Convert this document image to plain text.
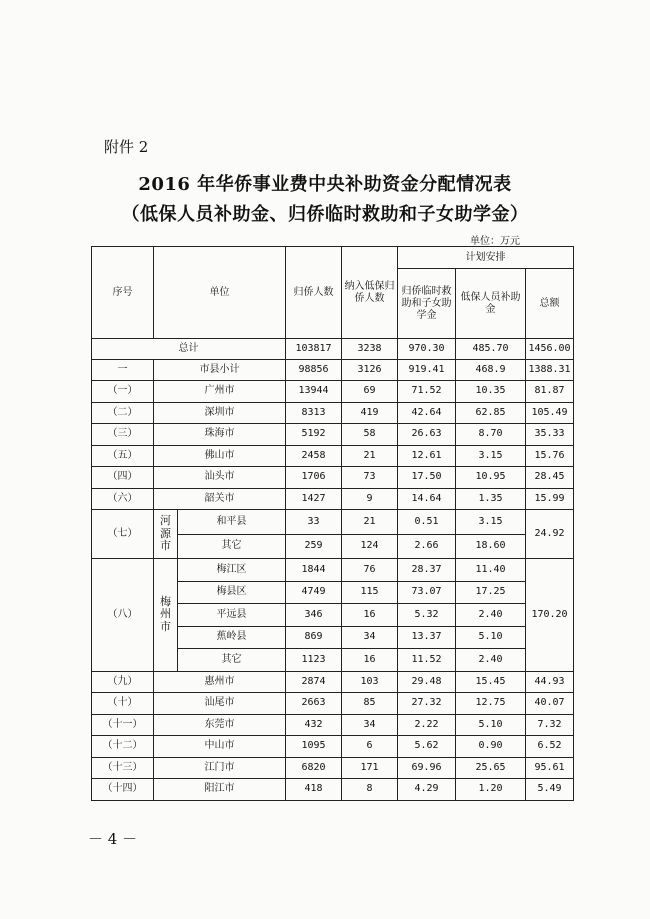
附件 2
2016 年华侨事业费中央补助资金分配情况表
（低保人员补助金、归侨临时救助和子女助学金）
单位：万元
序号	单位		归侨人数	纳入低保归侨人数	计划安排		
					归侨临时救助和子女助学金	低保人员补助金	总额
总计			103817	3238	970.30	485.70	1456.00
一	市县小计		98856	3126	919.41	468.9	1388.31
（一）	广州市		13944	69	71.52	10.35	81.87
（二）	深圳市		8313	419	42.64	62.85	105.49
（三）	珠海市		5192	58	26.63	8.70	35.33
（五）	佛山市		2458	21	12.61	3.15	15.76
（四）	汕头市		1706	73	17.50	10.95	28.45
（六）	韶关市		1427	9	14.64	1.35	15.99
（七）	河源市	和平县	33	21	0.51	3.15	24.92
		其它	259	124	2.66	18.60	
（八）	梅州市	梅江区	1844	76	28.37	11.40	170.20
		梅县区	4749	115	73.07	17.25	
		平远县	346	16	5.32	2.40	
		蕉岭县	869	34	13.37	5.10	
		其它	1123	16	11.52	2.40	
（九）	惠州市		2874	103	29.48	15.45	44.93
（十）	汕尾市		2663	85	27.32	12.75	40.07
（十一）	东莞市		432	34	2.22	5.10	7.32
（十二）	中山市		1095	6	5.62	0.90	6.52
（十三）	江门市		6820	171	69.96	25.65	95.61
（十四）	阳江市		418	8	4.29	1.20	5.49
－ 4 －
